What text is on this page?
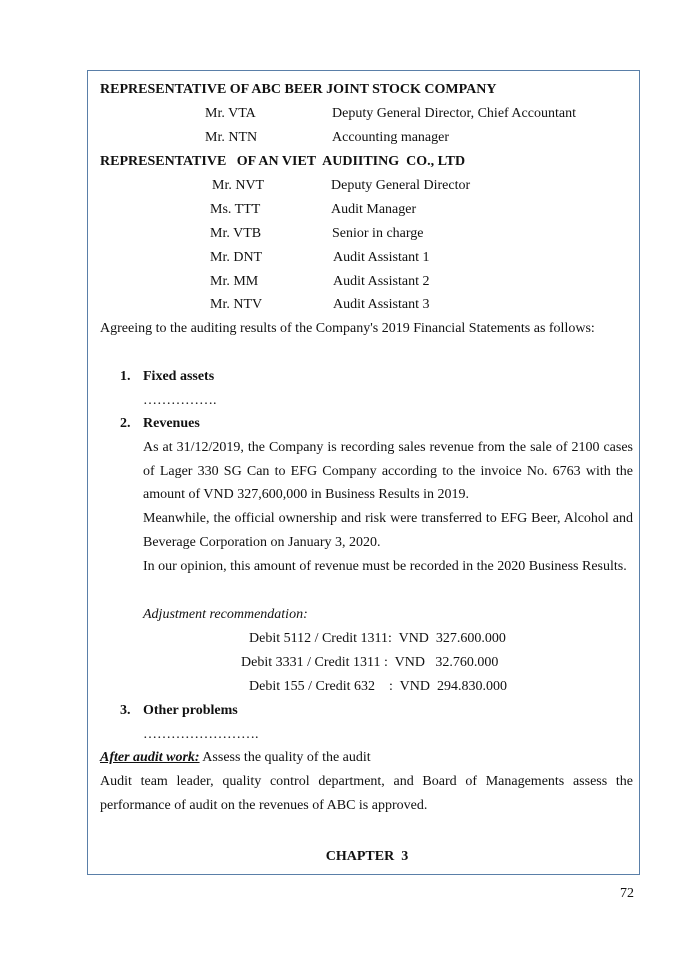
REPRESENTATIVE OF ABC BEER JOINT STOCK COMPANY
Mr. VTA	Deputy General Director, Chief Accountant
Mr. NTN	Accounting manager
REPRESENTATIVE   OF AN VIET  AUDIITING  CO., LTD
Mr. NVT	Deputy General Director
Ms. TTT	Audit Manager
Mr. VTB	Senior in charge
Mr. DNT	Audit Assistant 1
Mr. MM	Audit Assistant 2
Mr. NTV	Audit Assistant 3
Agreeing to the auditing results of the Company's 2019 Financial Statements as follows:
1. Fixed assets
…………….
2. Revenues
As at 31/12/2019, the Company is recording sales revenue from the sale of 2100 cases of Lager 330 SG Can to EFG Company according to the invoice No. 6763 with the amount of VND 327,600,000 in Business Results in 2019.
Meanwhile, the official ownership and risk were transferred to EFG Beer, Alcohol and Beverage Corporation on January 3, 2020.
In our opinion, this amount of revenue must be recorded in the 2020 Business Results.
Adjustment recommendation:
Debit 5112 / Credit 1311:  VND  327.600.000
Debit 3331 / Credit 1311 :  VND   32.760.000
Debit 155 / Credit 632    :  VND  294.830.000
3. Other problems
…………………….
After audit work: Assess the quality of the audit
Audit team leader, quality control department, and Board of Managements assess the performance of audit on the revenues of ABC is approved.
CHAPTER  3
72
